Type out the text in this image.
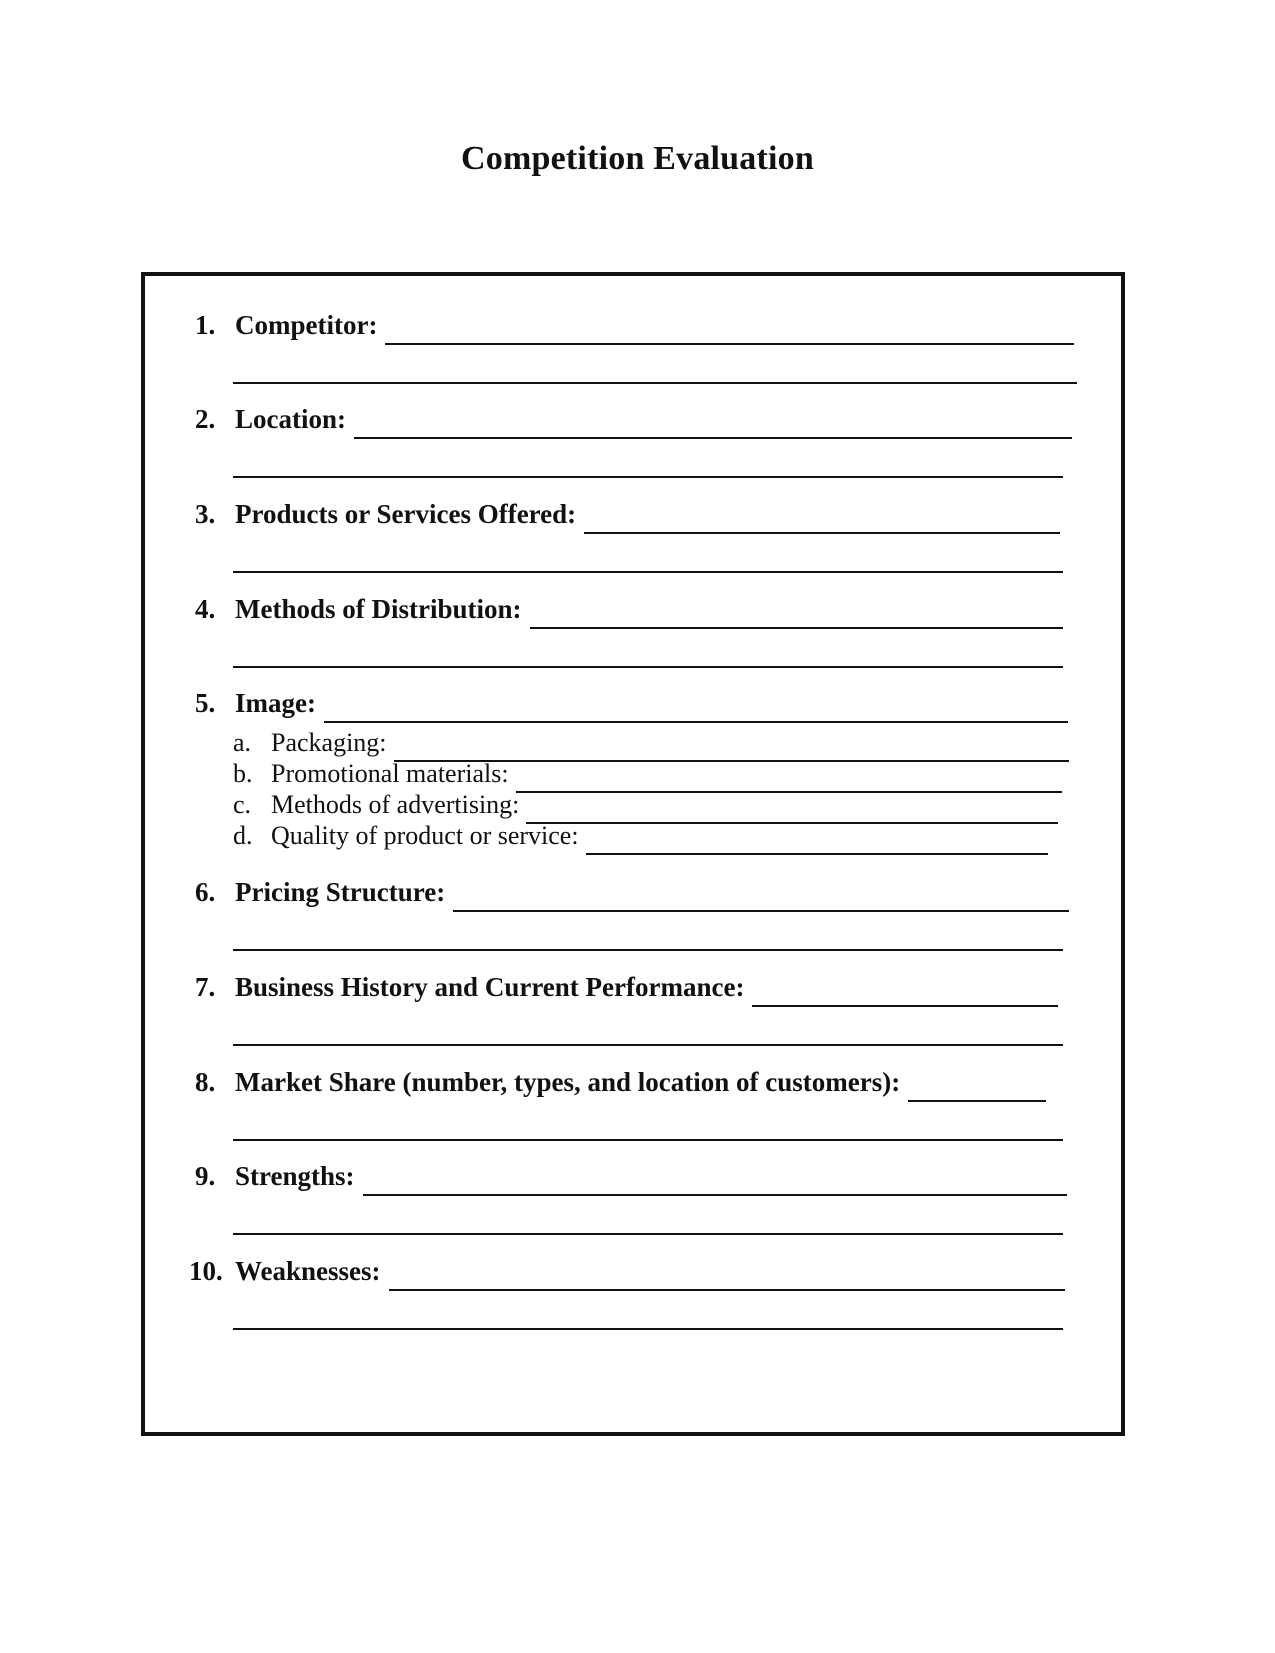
Competition Evaluation
1. Competitor:
2. Location:
3. Products or Services Offered:
4. Methods of Distribution:
5. Image:
a. Packaging:
b. Promotional materials:
c. Methods of advertising:
d. Quality of product or service:
6. Pricing Structure:
7. Business History and Current Performance:
8. Market Share (number, types, and location of customers):
9. Strengths:
10. Weaknesses:
